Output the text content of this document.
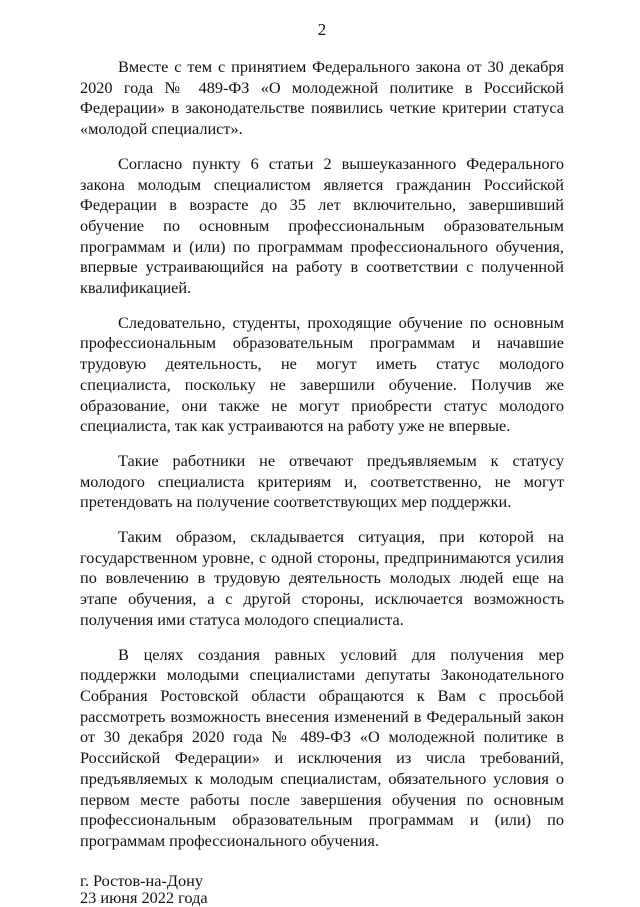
2

Вместе с тем с принятием Федерального закона от 30 декабря 2020 года № 489-ФЗ «О молодежной политике в Российской Федерации» в законодательстве появились четкие критерии статуса «молодой специалист».

Согласно пункту 6 статьи 2 вышеуказанного Федерального закона молодым специалистом является гражданин Российской Федерации в возрасте до 35 лет включительно, завершивший обучение по основным профессиональным образовательным программам и (или) по программам профессионального обучения, впервые устраивающийся на работу в соответствии с полученной квалификацией.

Следовательно, студенты, проходящие обучение по основным профессиональным образовательным программам и начавшие трудовую деятельность, не могут иметь статус молодого специалиста, поскольку не завершили обучение. Получив же образование, они также не могут приобрести статус молодого специалиста, так как устраиваются на работу уже не впервые.

Такие работники не отвечают предъявляемым к статусу молодого специалиста критериям и, соответственно, не могут претендовать на получение соответствующих мер поддержки.

Таким образом, складывается ситуация, при которой на государственном уровне, с одной стороны, предпринимаются усилия по вовлечению в трудовую деятельность молодых людей еще на этапе обучения, а с другой стороны, исключается возможность получения ими статуса молодого специалиста.

В целях создания равных условий для получения мер поддержки молодыми специалистами депутаты Законодательного Собрания Ростовской области обращаются к Вам с просьбой рассмотреть возможность внесения изменений в Федеральный закон от 30 декабря 2020 года № 489-ФЗ «О молодежной политике в Российской Федерации» и исключения из числа требований, предъявляемых к молодым специалистам, обязательного условия о первом месте работы после завершения обучения по основным профессиональным образовательным программам и (или) по программам профессионального обучения.

г. Ростов-на-Дону
23 июня 2022 года
